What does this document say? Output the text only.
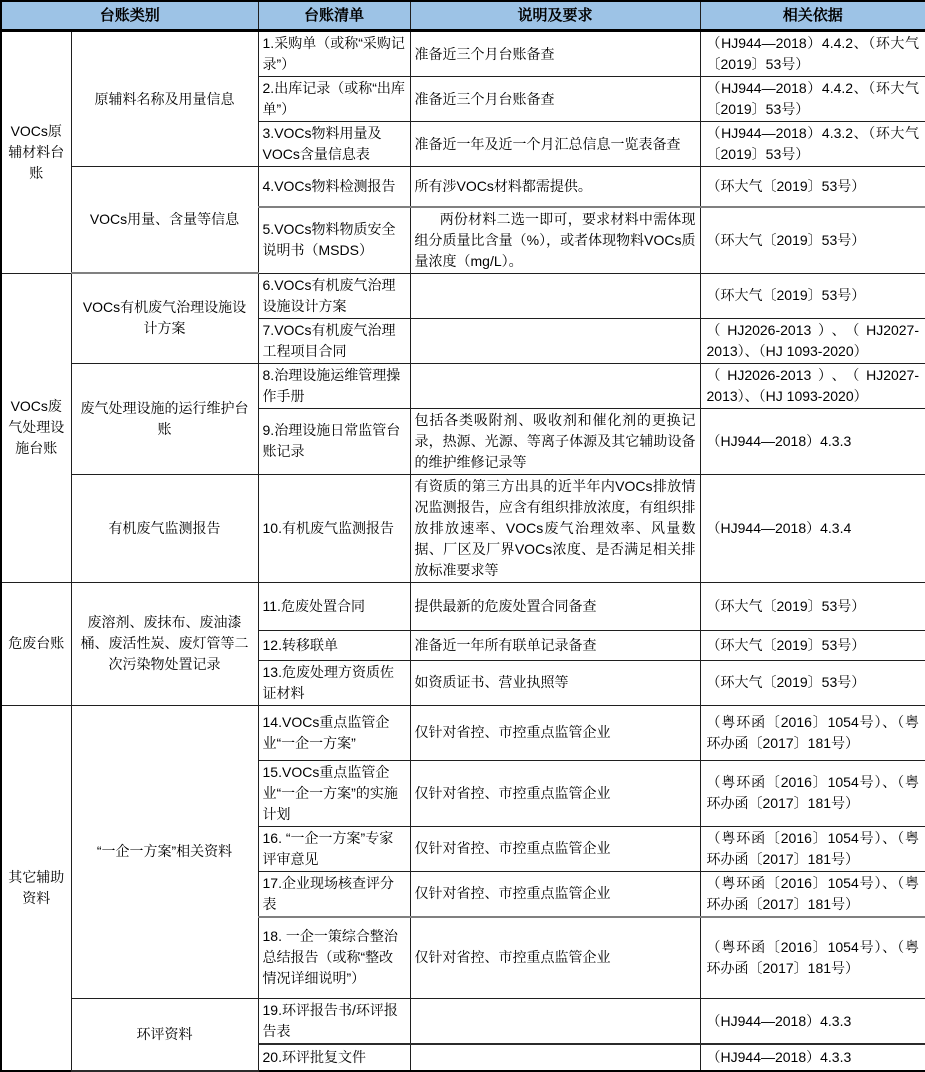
台账类别		台账清单	说明及要求	相关依据
VOCs原辅材料台账	原辅料名称及用量信息	1.采购单（或称“采购记录”）	准备近三个月台账备查	（HJ944—2018）4.4.2、（环大气〔2019〕53号）
		2.出库记录（或称“出库单”）	准备近三个月台账备查	（HJ944—2018）4.4.2、（环大气〔2019〕53号）
		3.VOCs物料用量及VOCs含量信息表	准备近一年及近一个月汇总信息一览表备查	（HJ944—2018）4.3.2、（环大气〔2019〕53号）
	VOCs用量、含量等信息	4.VOCs物料检测报告	所有涉VOCs材料都需提供。	（环大气〔2019〕53号）
		5.VOCs物料物质安全说明书（MSDS）	两份材料二选一即可，要求材料中需体现组分质量比含量（%），或者体现物料VOCs质量浓度（mg/L）。	（环大气〔2019〕53号）
VOCs废气处理设施台账	VOCs有机废气治理设施设计方案	6.VOCs有机废气治理设施设计方案		（环大气〔2019〕53号）
		7.VOCs有机废气治理工程项目合同		（HJ2026-2013）、（HJ2027-2013）、（HJ 1093-2020）
	废气处理设施的运行维护台账	8.治理设施运维管理操作手册		（HJ2026-2013）、（HJ2027-2013）、（HJ 1093-2020）
		9.治理设施日常监管台账记录	包括各类吸附剂、吸收剂和催化剂的更换记录，热源、光源、等离子体源及其它辅助设备的维护维修记录等	（HJ944—2018）4.3.3
	有机废气监测报告	10.有机废气监测报告	有资质的第三方出具的近半年内VOCs排放情况监测报告，应含有组织排放浓度，有组织排放排放速率、VOCs废气治理效率、风量数据、厂区及厂界VOCs浓度、是否满足相关排放标准要求等	（HJ944—2018）4.3.4
危废台账	废溶剂、废抹布、废油漆桶、废活性炭、废灯管等二次污染物处置记录	11.危废处置合同	提供最新的危废处置合同备查	（环大气〔2019〕53号）
		12.转移联单	准备近一年所有联单记录备查	（环大气〔2019〕53号）
		13.危废处理方资质佐证材料	如资质证书、营业执照等	（环大气〔2019〕53号）
其它辅助资料	“一企一方案”相关资料	14.VOCs重点监管企业“一企一方案”	仅针对省控、市控重点监管企业	（粤环函〔2016〕1054号）、（粤环办函〔2017〕181号）
		15.VOCs重点监管企业“一企一方案”的实施计划	仅针对省控、市控重点监管企业	（粤环函〔2016〕1054号）、（粤环办函〔2017〕181号）
		16. “一企一方案”专家评审意见	仅针对省控、市控重点监管企业	（粤环函〔2016〕1054号）、（粤环办函〔2017〕181号）
		17.企业现场核查评分表	仅针对省控、市控重点监管企业	（粤环函〔2016〕1054号）、（粤环办函〔2017〕181号）
		18. 一企一策综合整治总结报告（或称“整改情况详细说明”）	仅针对省控、市控重点监管企业	（粤环函〔2016〕1054号）、（粤环办函〔2017〕181号）
	环评资料	19.环评报告书/环评报告表		（HJ944—2018）4.3.3
		20.环评批复文件		（HJ944—2018）4.3.3
